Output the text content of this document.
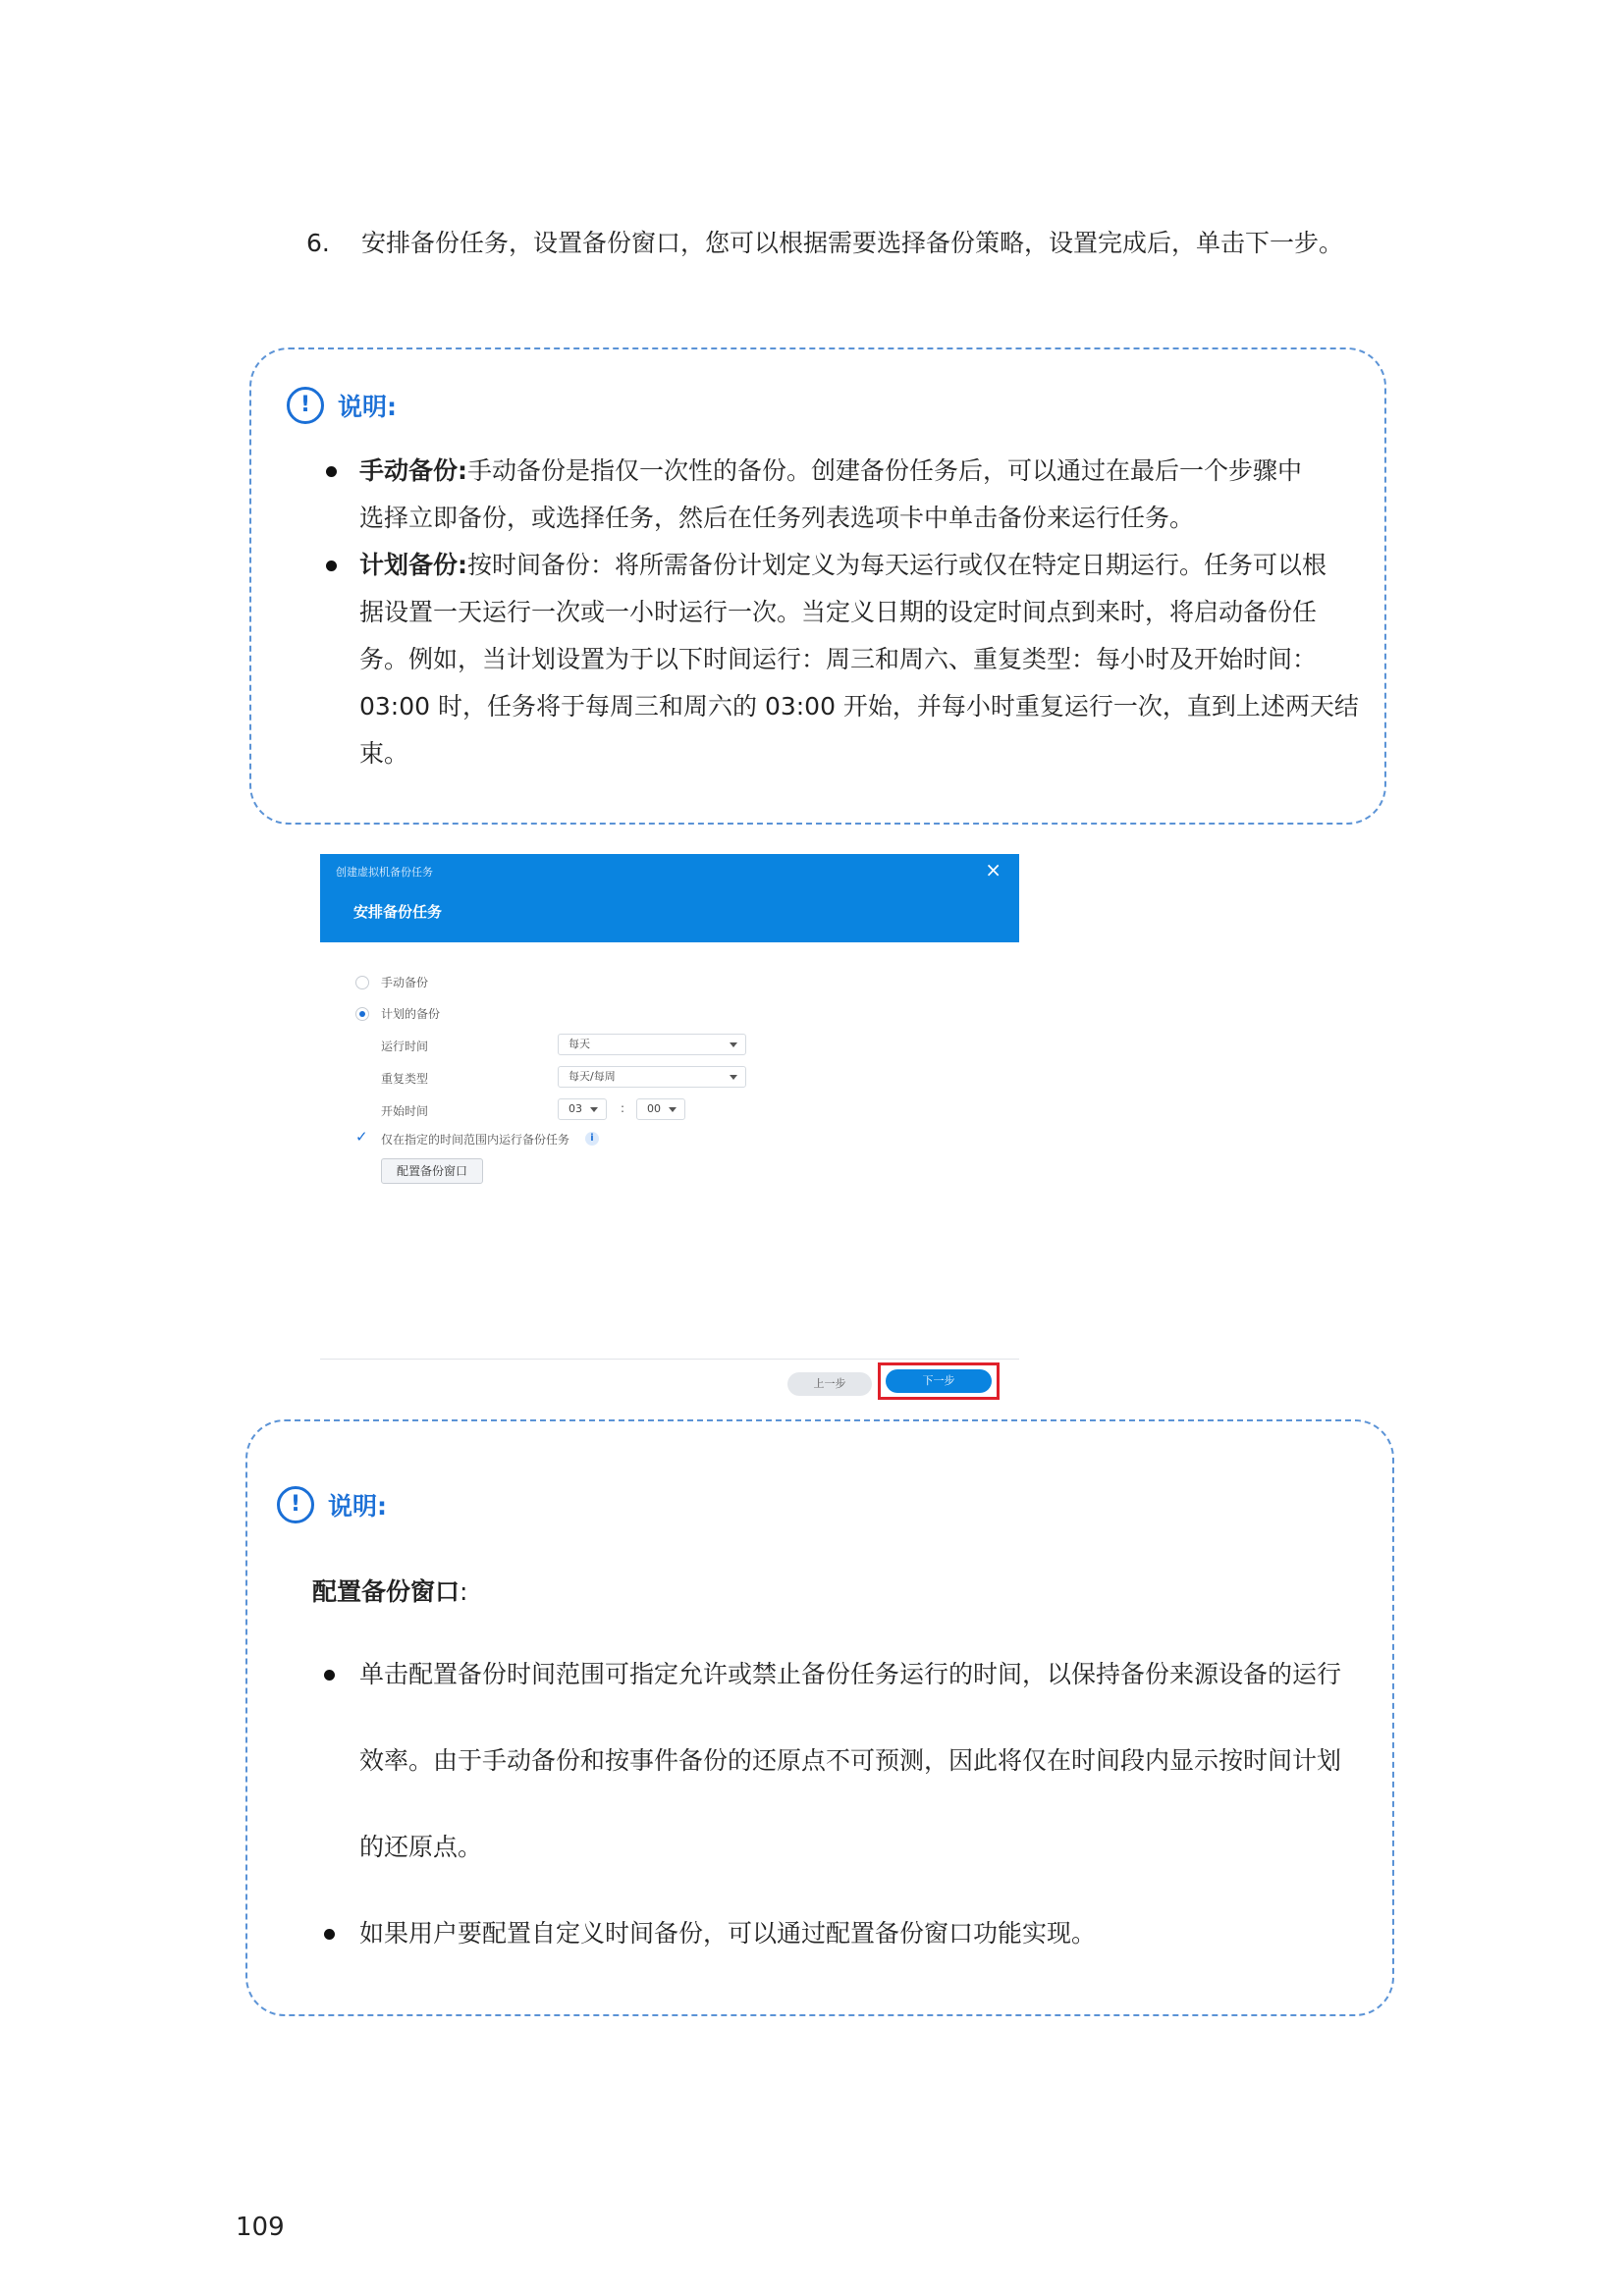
6. 安排备份任务，设置备份窗口，您可以根据需要选择备份策略，设置完成后，单击下一步。
!	说明:
手动备份:手动备份是指仅一次性的备份。创建备份任务后，可以通过在最后一个步骤中
选择立即备份，或选择任务，然后在任务列表选项卡中单击备份来运行任务。
计划备份:按时间备份：将所需备份计划定义为每天运行或仅在特定日期运行。任务可以根
据设置一天运行一次或一小时运行一次。当定义日期的设定时间点到来时，将启动备份任
务。例如，当计划设置为于以下时间运行：周三和周六、重复类型：每小时及开始时间：
03:00 时，任务将于每周三和周六的 03:00 开始，并每小时重复运行一次，直到上述两天结
束。
创建虚拟机备份任务	×
安排备份任务
手动备份
计划的备份
运行时间	每天
重复类型	每天/每周
开始时间	03	:	00
✓ 仅在指定的时间范围内运行备份任务	i
配置备份窗口
上一步	下一步
!	说明:
配置备份窗口:
单击配置备份时间范围可指定允许或禁止备份任务运行的时间，以保持备份来源设备的运行
效率。由于手动备份和按事件备份的还原点不可预测，因此将仅在时间段内显示按时间计划
的还原点。
如果用户要配置自定义时间备份，可以通过配置备份窗口功能实现。
109
